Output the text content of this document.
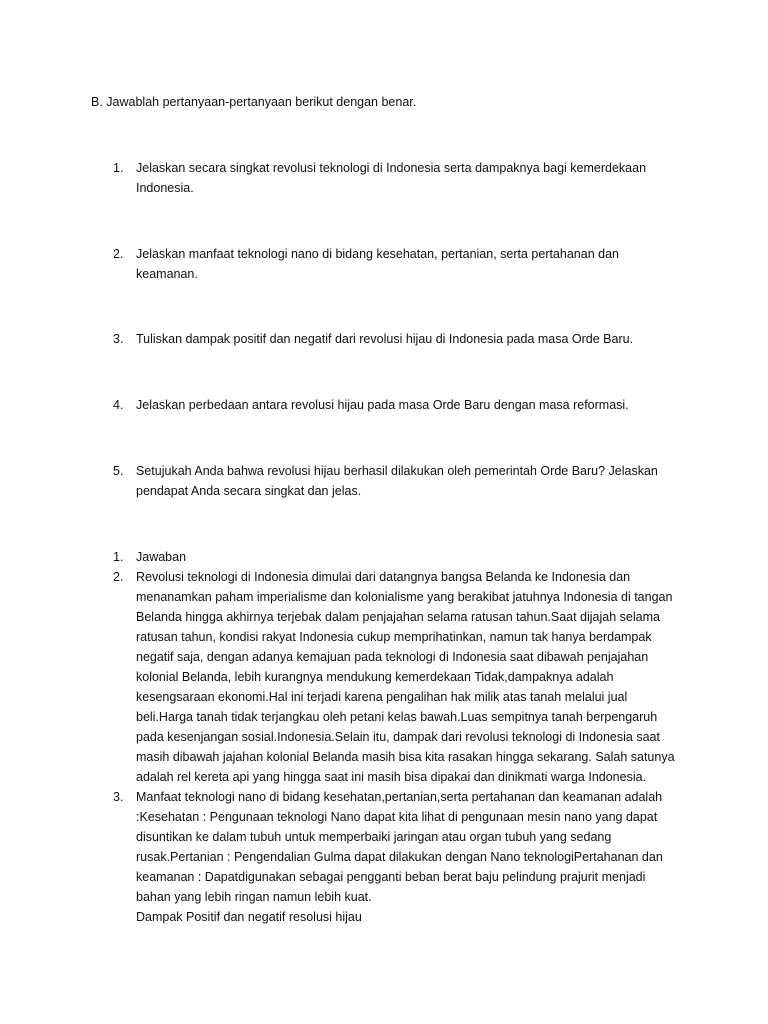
B. Jawablah pertanyaan-pertanyaan berikut dengan benar.
1. Jelaskan secara singkat revolusi teknologi di Indonesia serta dampaknya bagi kemerdekaan Indonesia.
2. Jelaskan manfaat teknologi nano di bidang kesehatan, pertanian, serta pertahanan dan keamanan.
3. Tuliskan dampak positif dan negatif dari revolusi hijau di Indonesia pada masa Orde Baru.
4. Jelaskan perbedaan antara revolusi hijau pada masa Orde Baru dengan masa reformasi.
5. Setujukah Anda bahwa revolusi hijau berhasil dilakukan oleh pemerintah Orde Baru? Jelaskan pendapat Anda secara singkat dan jelas.
1. Jawaban
2. Revolusi teknologi di Indonesia dimulai dari datangnya bangsa Belanda ke Indonesia dan menanamkan paham imperialisme dan kolonialisme yang berakibat jatuhnya Indonesia di tangan Belanda hingga akhirnya terjebak dalam penjajahan selama ratusan tahun.Saat dijajah selama ratusan tahun, kondisi rakyat Indonesia cukup memprihatinkan, namun tak hanya berdampak negatif saja, dengan adanya kemajuan pada teknologi di Indonesia saat dibawah penjajahan kolonial Belanda, lebih kurangnya mendukung kemerdekaan Tidak,dampaknya adalah kesengsaraan ekonomi.Hal ini terjadi karena pengalihan hak milik atas tanah melalui jual beli.Harga tanah tidak terjangkau oleh petani kelas bawah.Luas sempitnya tanah berpengaruh pada kesenjangan sosial.Indonesia.Selain itu, dampak dari revolusi teknologi di Indonesia saat masih dibawah jajahan kolonial Belanda masih bisa kita rasakan hingga sekarang. Salah satunya adalah rel kereta api yang hingga saat ini masih bisa dipakai dan dinikmati warga Indonesia.
3. Manfaat teknologi nano di bidang kesehatan,pertanian,serta pertahanan dan keamanan adalah :Kesehatan : Pengunaan teknologi Nano dapat kita lihat di pengunaan mesin nano yang dapat disuntikan ke dalam tubuh untuk memperbaiki jaringan atau organ tubuh yang sedang rusak.Pertanian : Pengendalian Gulma dapat dilakukan dengan Nano teknologiPertahanan dan keamanan : Dapatdigunakan sebagai pengganti beban berat baju pelindung prajurit menjadi bahan yang lebih ringan namun lebih kuat.
Dampak Positif dan negatif resolusi hijau
